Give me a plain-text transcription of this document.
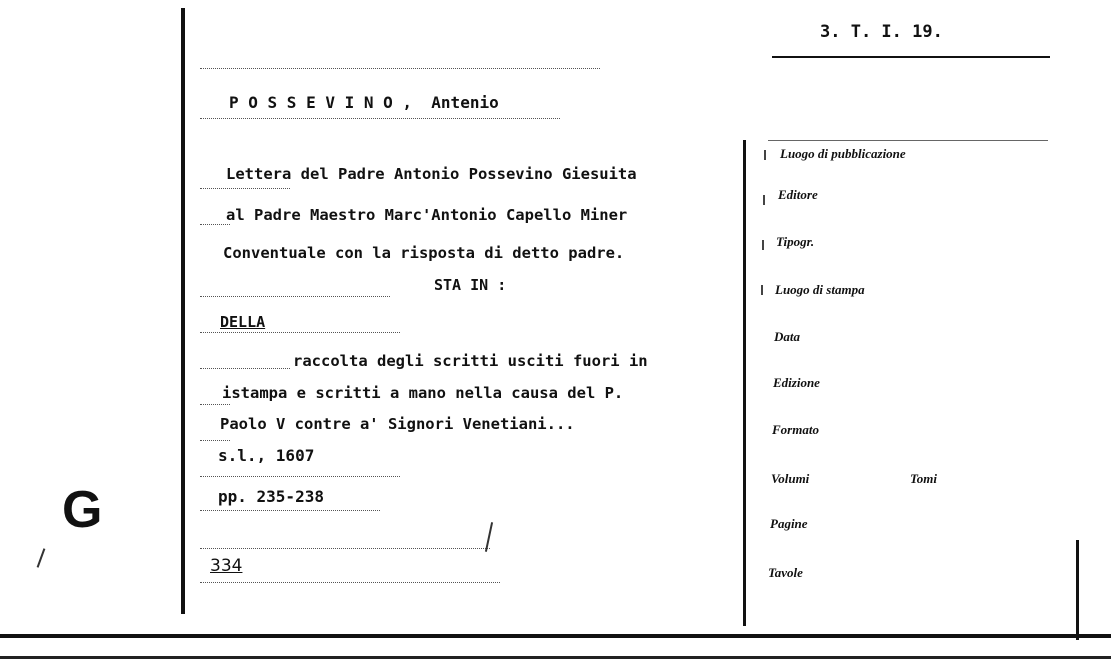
3. T. I. 19.
P O S S E V I N O ,  Antenio
Lettera del Padre Antonio Possevino Giesuita
al Padre Maestro Marc'Antonio Capello Miner
Conventuale con la risposta di detto padre.
STA IN :
DELLA
raccolta degli scritti usciti fuori in
istampa e scritti a mano nella causa del P.
Paolo V contre a' Signori Venetiani...
s.l., 1607
pp. 235-238
334
G
Luogo di pubblicazione
Editore
Tipogr.
Luogo di stampa
Data
Edizione
Formato
Volumi	Tomi
Pagine
Tavole
